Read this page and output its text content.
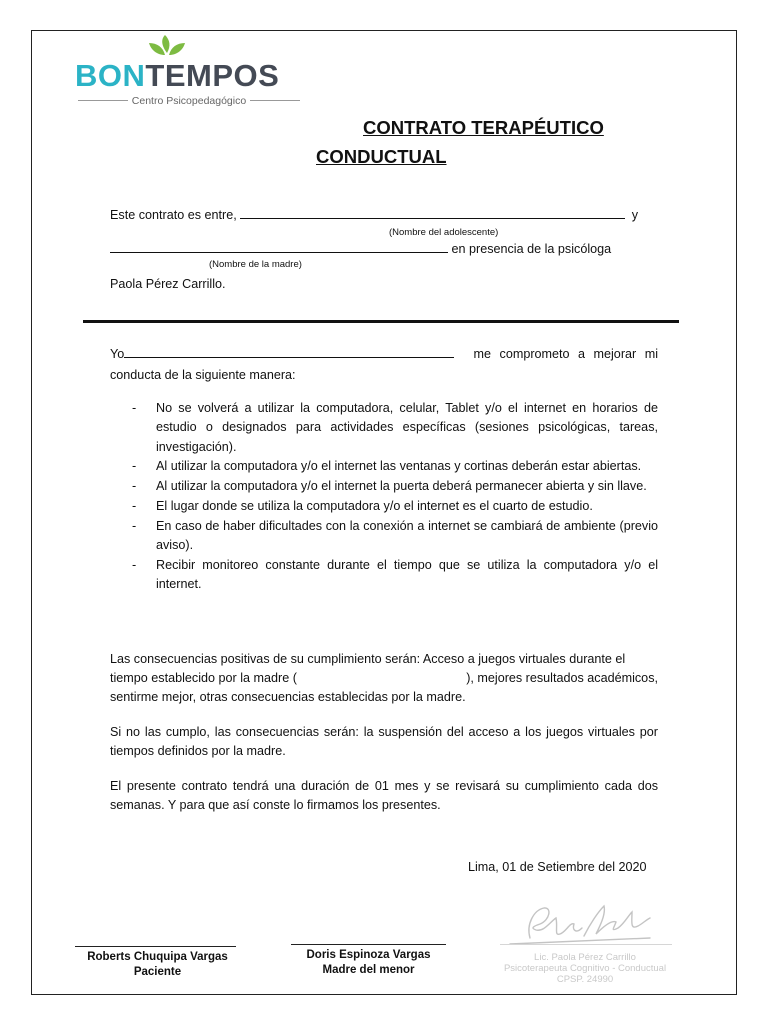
BONTEMPOS
Centro Psicopedagógico
CONTRATO TERAPÉUTICO
CONDUCTUAL
Este contrato es entre,	y
(Nombre del adolescente)
en presencia de la psicóloga
(Nombre de la madre)
Paola Pérez Carrillo.
Yo	me comprometo a mejorar mi
conducta de la siguiente manera:
- No se volverá a utilizar la computadora, celular, Tablet y/o el internet en horarios de estudio o designados para actividades específicas (sesiones psicológicas, tareas, investigación).
- Al utilizar la computadora y/o el internet las ventanas y cortinas deberán estar abiertas.
- Al utilizar la computadora y/o el internet la puerta deberá permanecer abierta y sin llave.
- El lugar donde se utiliza la computadora y/o el internet es el cuarto de estudio.
- En caso de haber dificultades con la conexión a internet se cambiará de ambiente (previo aviso).
- Recibir monitoreo constante durante el tiempo que se utiliza la computadora y/o el internet.
Las consecuencias positivas de su cumplimiento serán: Acceso a juegos virtuales durante el
tiempo establecido por la madre (	), mejores resultados académicos,
sentirme mejor, otras consecuencias establecidas por la madre.
Si no las cumplo, las consecuencias serán: la suspensión del acceso a los juegos virtuales por tiempos definidos por la madre.
El presente contrato tendrá una duración de 01 mes y se revisará su cumplimiento cada dos semanas. Y para que así conste lo firmamos los presentes.
Lima, 01 de Setiembre del 2020
Roberts Chuquipa Vargas
Paciente
Doris Espinoza Vargas
Madre del menor
Lic. Paola Pérez Carrillo
Psicoterapeuta Cognitivo - Conductual
CPSP. 24990
